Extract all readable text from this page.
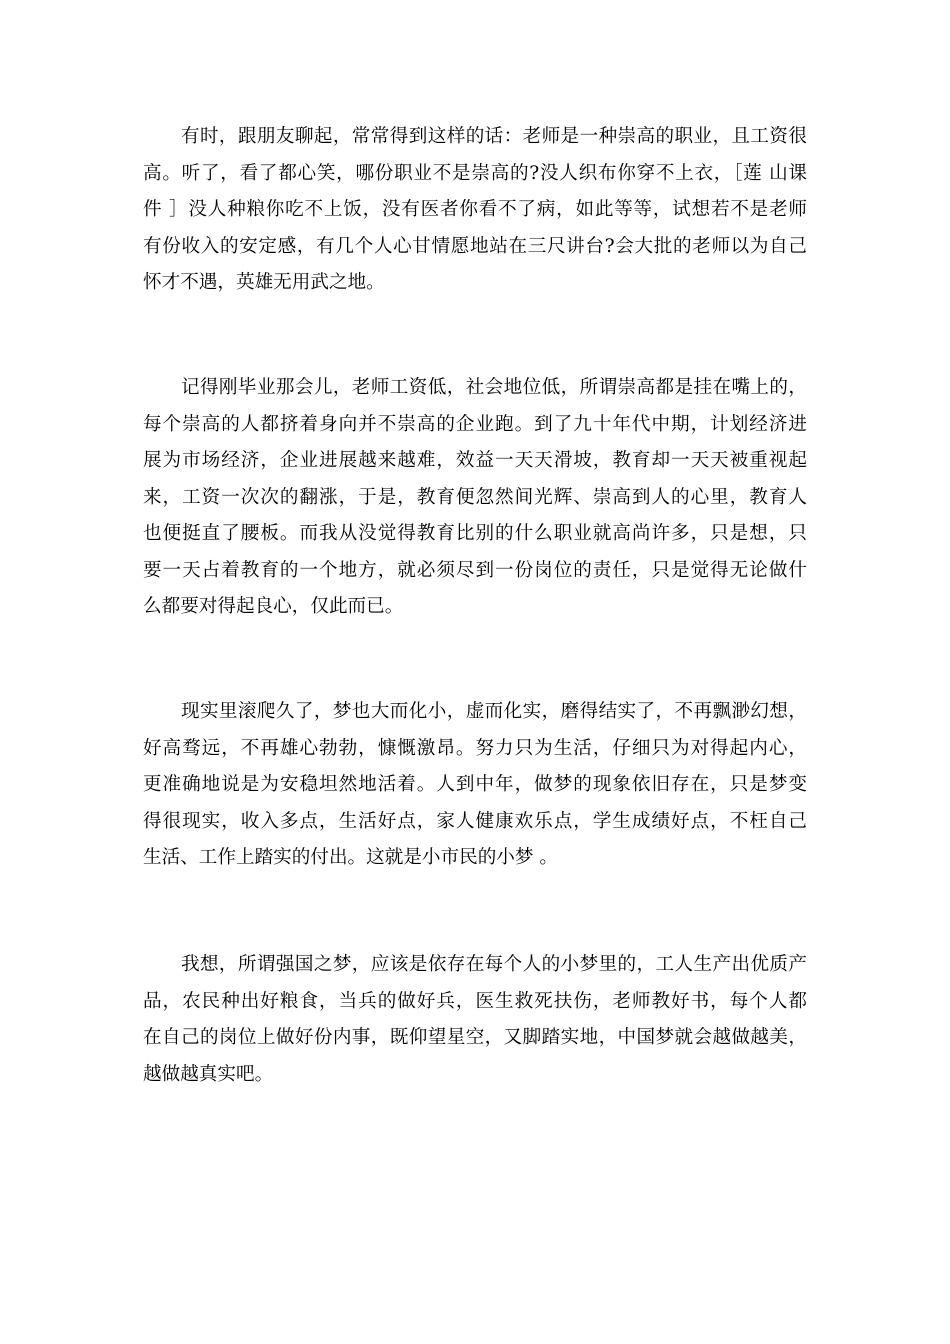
　　有时，跟朋友聊起，常常得到这样的话：老师是一种崇高的职业，且工资很
高。听了，看了都心笑，哪份职业不是崇高的?没人织布你穿不上衣，［莲 山课
件 ］没人种粮你吃不上饭，没有医者你看不了病，如此等等，试想若不是老师
有份收入的安定感，有几个人心甘情愿地站在三尺讲台?会大批的老师以为自己
怀才不遇，英雄无用武之地。

　　记得刚毕业那会儿，老师工资低，社会地位低，所谓崇高都是挂在嘴上的，
每个崇高的人都挤着身向并不崇高的企业跑。到了九十年代中期，计划经济进
展为市场经济，企业进展越来越难，效益一天天滑坡，教育却一天天被重视起
来，工资一次次的翻涨，于是，教育便忽然间光辉、崇高到人的心里，教育人
也便挺直了腰板。而我从没觉得教育比别的什么职业就高尚许多，只是想，只
要一天占着教育的一个地方，就必须尽到一份岗位的责任，只是觉得无论做什
么都要对得起良心，仅此而已。

　　现实里滚爬久了，梦也大而化小，虚而化实，磨得结实了，不再飘渺幻想，
好高骛远，不再雄心勃勃，慷慨激昂。努力只为生活，仔细只为对得起内心，
更准确地说是为安稳坦然地活着。人到中年，做梦的现象依旧存在，只是梦变
得很现实，收入多点，生活好点，家人健康欢乐点，学生成绩好点，不枉自己
生活、工作上踏实的付出。这就是小市民的小梦 。

　　我想，所谓强国之梦，应该是依存在每个人的小梦里的，工人生产出优质产
品，农民种出好粮食，当兵的做好兵，医生救死扶伤，老师教好书，每个人都
在自己的岗位上做好份内事，既仰望星空，又脚踏实地，中国梦就会越做越美，
越做越真实吧。
